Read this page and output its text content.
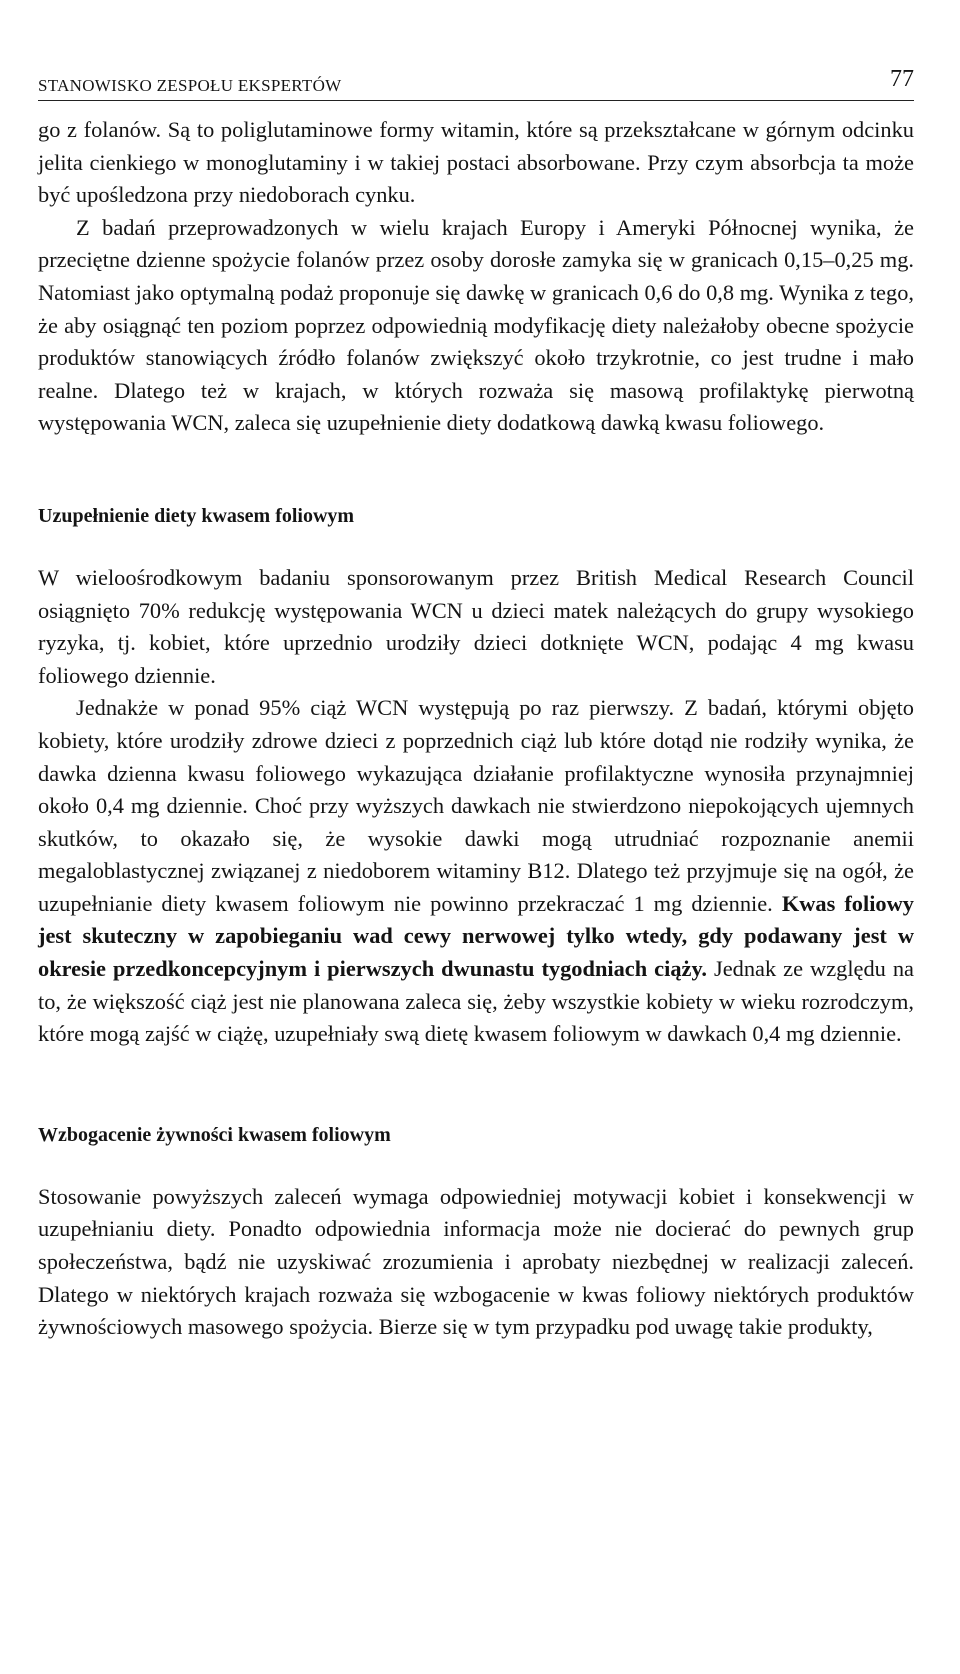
STANOWISKO ZESPOŁU EKSPERTÓW	77

go z folanów. Są to poliglutaminowe formy witamin, które są przekształcane w górnym odcinku jelita cienkiego w monoglutaminy i w takiej postaci absorbowane. Przy czym absorbcja ta może być upośledzona przy niedoborach cynku.

Z badań przeprowadzonych w wielu krajach Europy i Ameryki Północnej wynika, że przeciętne dzienne spożycie folanów przez osoby dorosłe zamyka się w granicach 0,15–0,25 mg. Natomiast jako optymalną podaż proponuje się dawkę w granicach 0,6 do 0,8 mg. Wynika z tego, że aby osiągnąć ten poziom poprzez odpowiednią modyfikację diety należałoby obecne spożycie produktów stanowiących źródło folanów zwiększyć około trzykrotnie, co jest trudne i mało realne. Dlatego też w krajach, w których rozważa się masową profilaktykę pierwotną występowania WCN, zaleca się uzupełnienie diety dodatkową dawką kwasu foliowego.

Uzupełnienie diety kwasem foliowym

W wieloośrodkowym badaniu sponsorowanym przez British Medical Research Council osiągnięto 70% redukcję występowania WCN u dzieci matek należących do grupy wysokiego ryzyka, tj. kobiet, które uprzednio urodziły dzieci dotknięte WCN, podając 4 mg kwasu foliowego dziennie.

Jednakże w ponad 95% ciąż WCN występują po raz pierwszy. Z badań, którymi objęto kobiety, które urodziły zdrowe dzieci z poprzednich ciąż lub które dotąd nie rodziły wynika, że dawka dzienna kwasu foliowego wykazująca działanie profilaktyczne wynosiła przynajmniej około 0,4 mg dziennie. Choć przy wyższych dawkach nie stwierdzono niepokojących ujemnych skutków, to okazało się, że wysokie dawki mogą utrudniać rozpoznanie anemii megaloblastycznej związanej z niedoborem witaminy B12. Dlatego też przyjmuje się na ogół, że uzupełnianie diety kwasem foliowym nie powinno przekraczać 1 mg dziennie. Kwas foliowy jest skuteczny w zapobieganiu wad cewy nerwowej tylko wtedy, gdy podawany jest w okresie przedkoncepcyjnym i pierwszych dwunastu tygodniach ciąży. Jednak ze względu na to, że większość ciąż jest nie planowana zaleca się, żeby wszystkie kobiety w wieku rozrodczym, które mogą zajść w ciążę, uzupełniały swą dietę kwasem foliowym w dawkach 0,4 mg dziennie.

Wzbogacenie żywności kwasem foliowym

Stosowanie powyższych zaleceń wymaga odpowiedniej motywacji kobiet i konsekwencji w uzupełnianiu diety. Ponadto odpowiednia informacja może nie docierać do pewnych grup społeczeństwa, bądź nie uzyskiwać zrozumienia i aprobaty niezbędnej w realizacji zaleceń. Dlatego w niektórych krajach rozważa się wzbogacenie w kwas foliowy niektórych produktów żywnościowych masowego spożycia. Bierze się w tym przypadku pod uwagę takie produkty,
